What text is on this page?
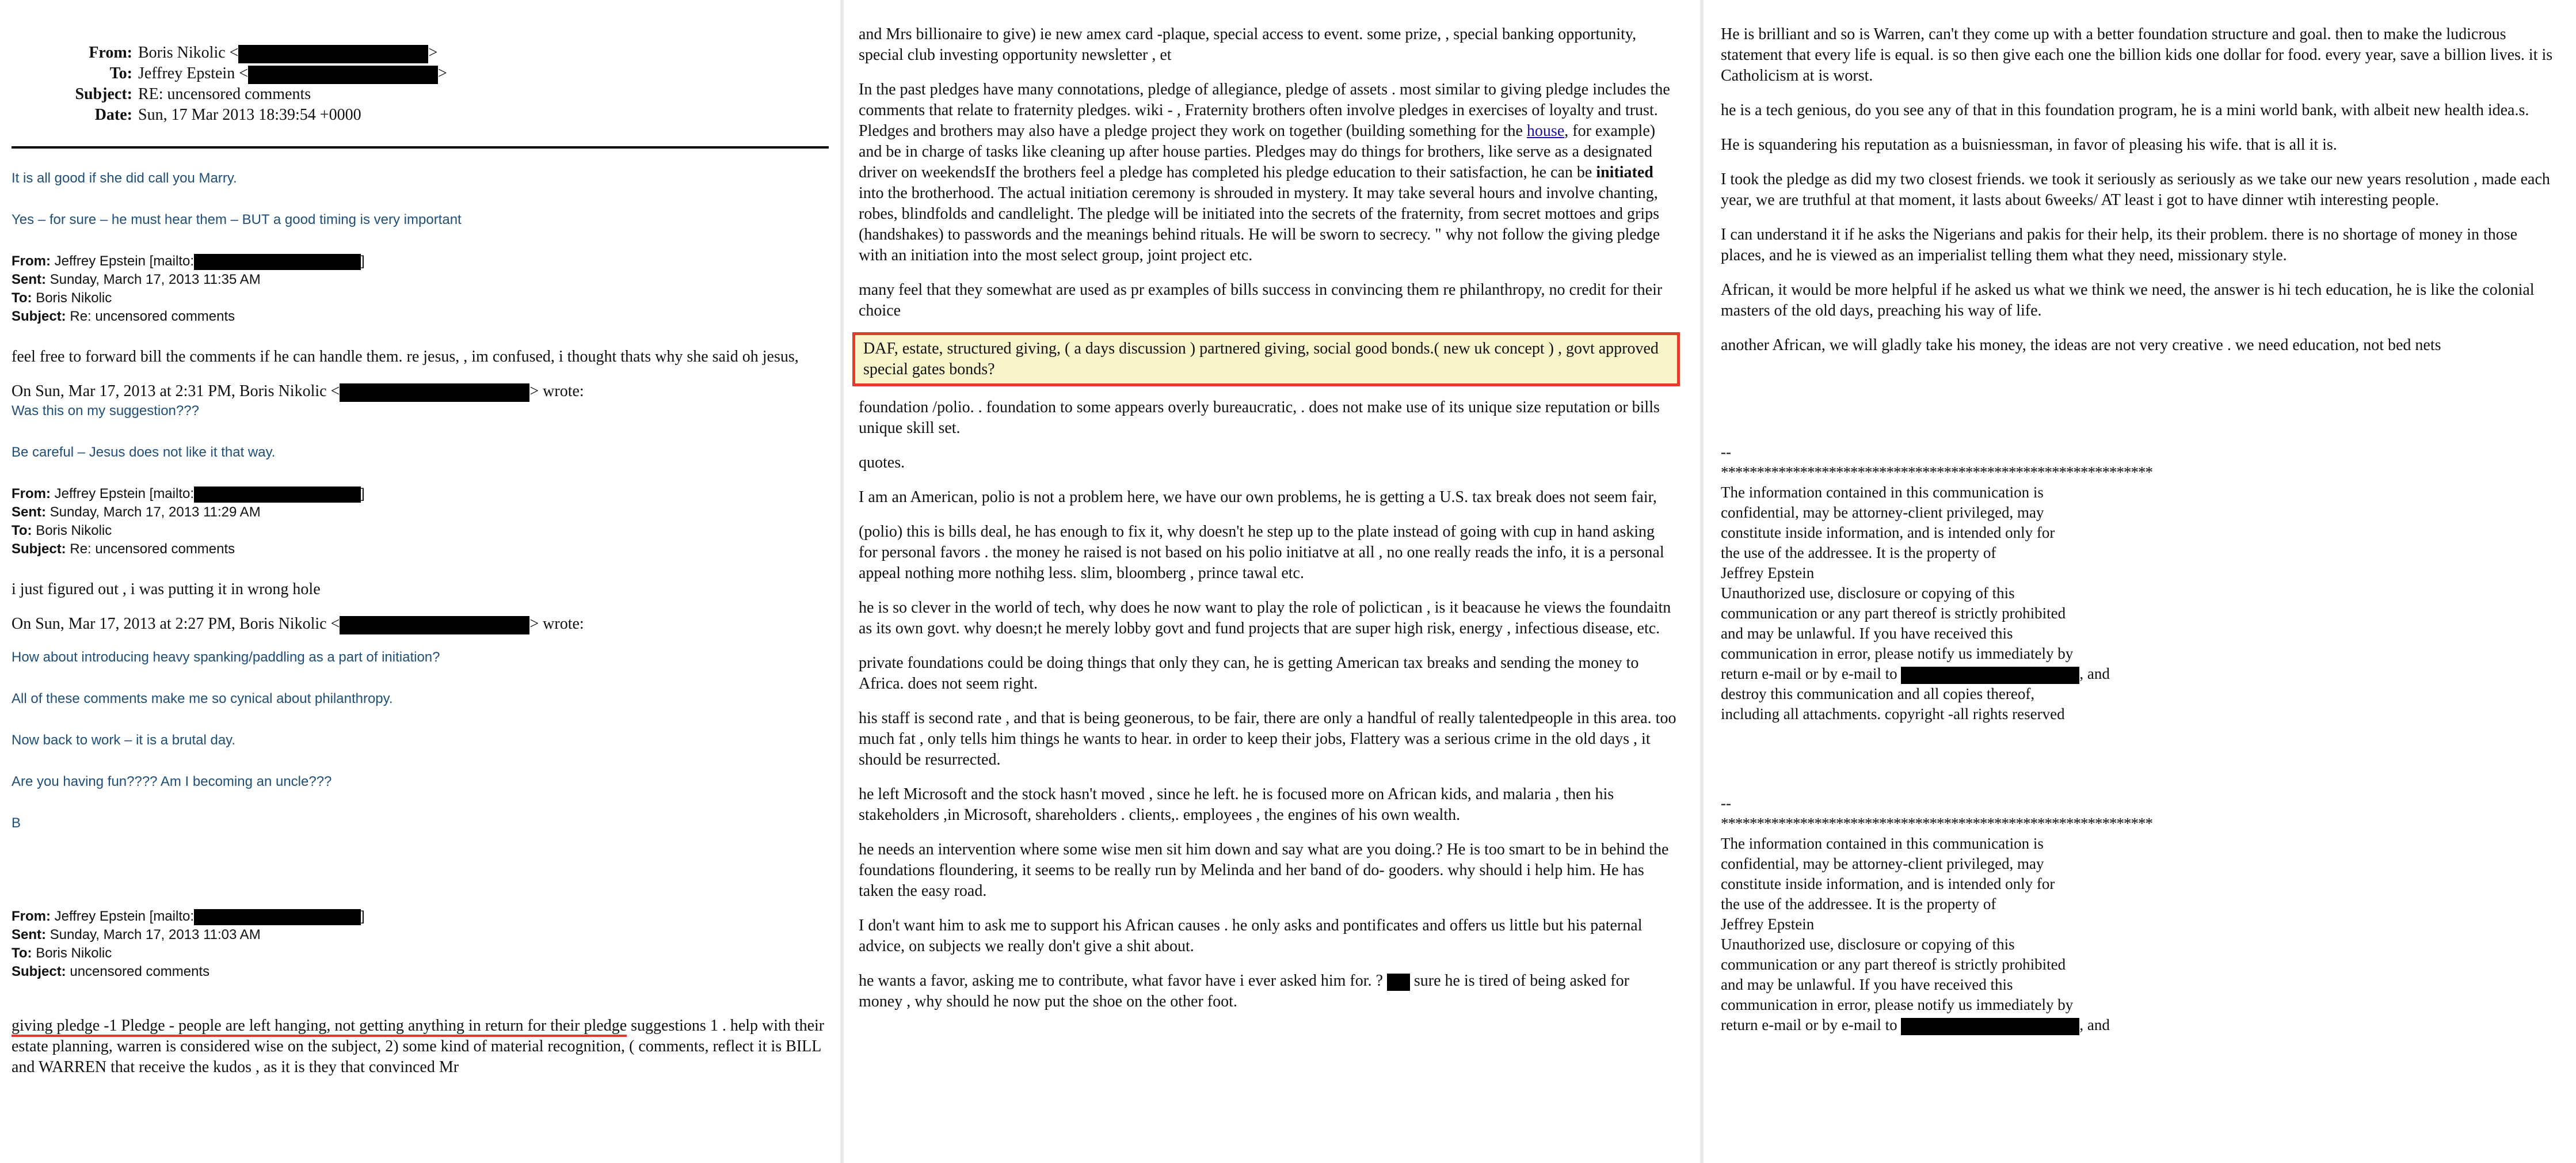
From:	Boris Nikolic < >
To:	Jeffrey Epstein < >
Subject:	RE: uncensored comments
Date:	Sun, 17 Mar 2013 18:39:54 +0000

It is all good if she did call you Marry.

Yes – for sure – he must hear them – BUT a good timing is very important

From: Jeffrey Epstein [mailto:	]
Sent: Sunday, March 17, 2013 11:35 AM
To: Boris Nikolic
Subject: Re: uncensored comments

feel free to forward bill the comments if he can handle them. re jesus, , im confused, i thought thats why she said oh jesus,

On Sun, Mar 17, 2013 at 2:31 PM, Boris Nikolic <	> wrote:

Was this on my suggestion???

Be careful – Jesus does not like it that way.

From: Jeffrey Epstein [mailto:	]
Sent: Sunday, March 17, 2013 11:29 AM
To: Boris Nikolic
Subject: Re: uncensored comments

i just figured out , i was putting it in wrong hole

On Sun, Mar 17, 2013 at 2:27 PM, Boris Nikolic <	> wrote:

How about introducing heavy spanking/paddling as a part of initiation?

All of these comments make me so cynical about philanthropy.

Now back to work – it is a brutal day.

Are you having fun???? Am I becoming an uncle???

B

From: Jeffrey Epstein [mailto:	]
Sent: Sunday, March 17, 2013 11:03 AM
To: Boris Nikolic
Subject: uncensored comments

giving pledge -1 Pledge - people are left hanging, not getting anything in return for their pledge suggestions 1 . help with their estate planning, warren is considered wise on the subject, 2) some kind of material recognition, ( comments, reflect it is BILL and WARREN that receive the kudos , as it is they that convinced Mr

and Mrs billionaire to give) ie new amex card -plaque, special access to event. some prize, , special banking opportunity, special club investing opportunity newsletter , et

In the past pledges have many connotations, pledge of allegiance, pledge of assets . most similar to giving pledge includes the comments that relate to fraternity pledges. wiki - , Fraternity brothers often involve pledges in exercises of loyalty and trust. Pledges and brothers may also have a pledge project they work on together (building something for the house, for example) and be in charge of tasks like cleaning up after house parties. Pledges may do things for brothers, like serve as a designated driver on weekendsIf the brothers feel a pledge has completed his pledge education to their satisfaction, he can be initiated into the brotherhood. The actual initiation ceremony is shrouded in mystery. It may take several hours and involve chanting, robes, blindfolds and candlelight. The pledge will be initiated into the secrets of the fraternity, from secret mottoes and grips (handshakes) to passwords and the meanings behind rituals. He will be sworn to secrecy. " why not follow the giving pledge with an initiation into the most select group, joint project etc.

many feel that they somewhat are used as pr examples of bills success in convincing them re philanthropy, no credit for their choice

DAF, estate, structured giving, ( a days discussion ) partnered giving, social good bonds.( new uk concept ) , govt approved special gates bonds?

foundation /polio. . foundation to some appears overly bureaucratic, . does not make use of its unique size reputation or bills unique skill set.

quotes.

I am an American, polio is not a problem here, we have our own problems, he is getting a U.S. tax break does not seem fair,

(polio) this is bills deal, he has enough to fix it, why doesn't he step up to the plate instead of going with cup in hand asking for personal favors . the money he raised is not based on his polio initiatve at all , no one really reads the info, it is a personal appeal nothing more nothihg less. slim, bloomberg , prince tawal etc.

he is so clever in the world of tech, why does he now want to play the role of polictican , is it beacause he views the foundaitn as its own govt. why doesn;t he merely lobby govt and fund projects that are super high risk, energy , infectious disease, etc.

private foundations could be doing things that only they can, he is getting American tax breaks and sending the money to Africa. does not seem right.

his staff is second rate , and that is being geonerous, to be fair, there are only a handful of really talentedpeople in this area. too much fat , only tells him things he wants to hear. in order to keep their jobs, Flattery was a serious crime in the old days , it should be resurrected.

he left Microsoft and the stock hasn't moved , since he left. he is focused more on African kids, and malaria , then his stakeholders ,in Microsoft, shareholders . clients,. employees , the engines of his own wealth.

he needs an intervention where some wise men sit him down and say what are you doing.? He is too smart to be in behind the foundations floundering, it seems to be really run by Melinda and her band of do- gooders. why should i help him. He has taken the easy road.

I don't want him to ask me to support his African causes . he only asks and pontificates and offers us little but his paternal advice, on subjects we really don't give a shit about.

he wants a favor, asking me to contribute, what favor have i ever asked him for. ?  sure he is tired of being asked for money , why should he now put the shoe on the other foot.

He is brilliant and so is Warren, can't they come up with a better foundation structure and goal. then to make the ludicrous statement that every life is equal. is so then give each one the billion kids one dollar for food. every year, save a billion lives. it is Catholicism at is worst.

he is a tech genious, do you see any of that in this foundation program, he is a mini world bank, with albeit new health idea.s.

He is squandering his reputation as a buisniessman, in favor of pleasing his wife. that is all it is.

I took the pledge as did my two closest friends. we took it seriously as seriously as we take our new years resolution , made each year, we are truthful at that moment, it lasts about 6weeks/ AT least i got to have dinner wtih interesting people.

I can understand it if he asks the Nigerians and pakis for their help, its their problem. there is no shortage of money in those places, and he is viewed as an imperialist telling them what they need, missionary style.

African, it would be more helpful if he asked us what we think we need, the answer is hi tech education, he is like the colonial masters of the old days, preaching his way of life.

another African, we will gladly take his money, the ideas are not very creative . we need education, not bed nets

--

************************************************************

The information contained in this communication is

confidential, may be attorney-client privileged, may

constitute inside information, and is intended only for

the use of the addressee. It is the property of

Jeffrey Epstein

Unauthorized use, disclosure or copying of this

communication or any part thereof is strictly prohibited

and may be unlawful. If you have received this

communication in error, please notify us immediately by

return e-mail or by e-mail to	, and

destroy this communication and all copies thereof,

including all attachments. copyright -all rights reserved

--

************************************************************

The information contained in this communication is

confidential, may be attorney-client privileged, may

constitute inside information, and is intended only for

the use of the addressee. It is the property of

Jeffrey Epstein

Unauthorized use, disclosure or copying of this

communication or any part thereof is strictly prohibited

and may be unlawful. If you have received this

communication in error, please notify us immediately by

return e-mail or by e-mail to	, and
